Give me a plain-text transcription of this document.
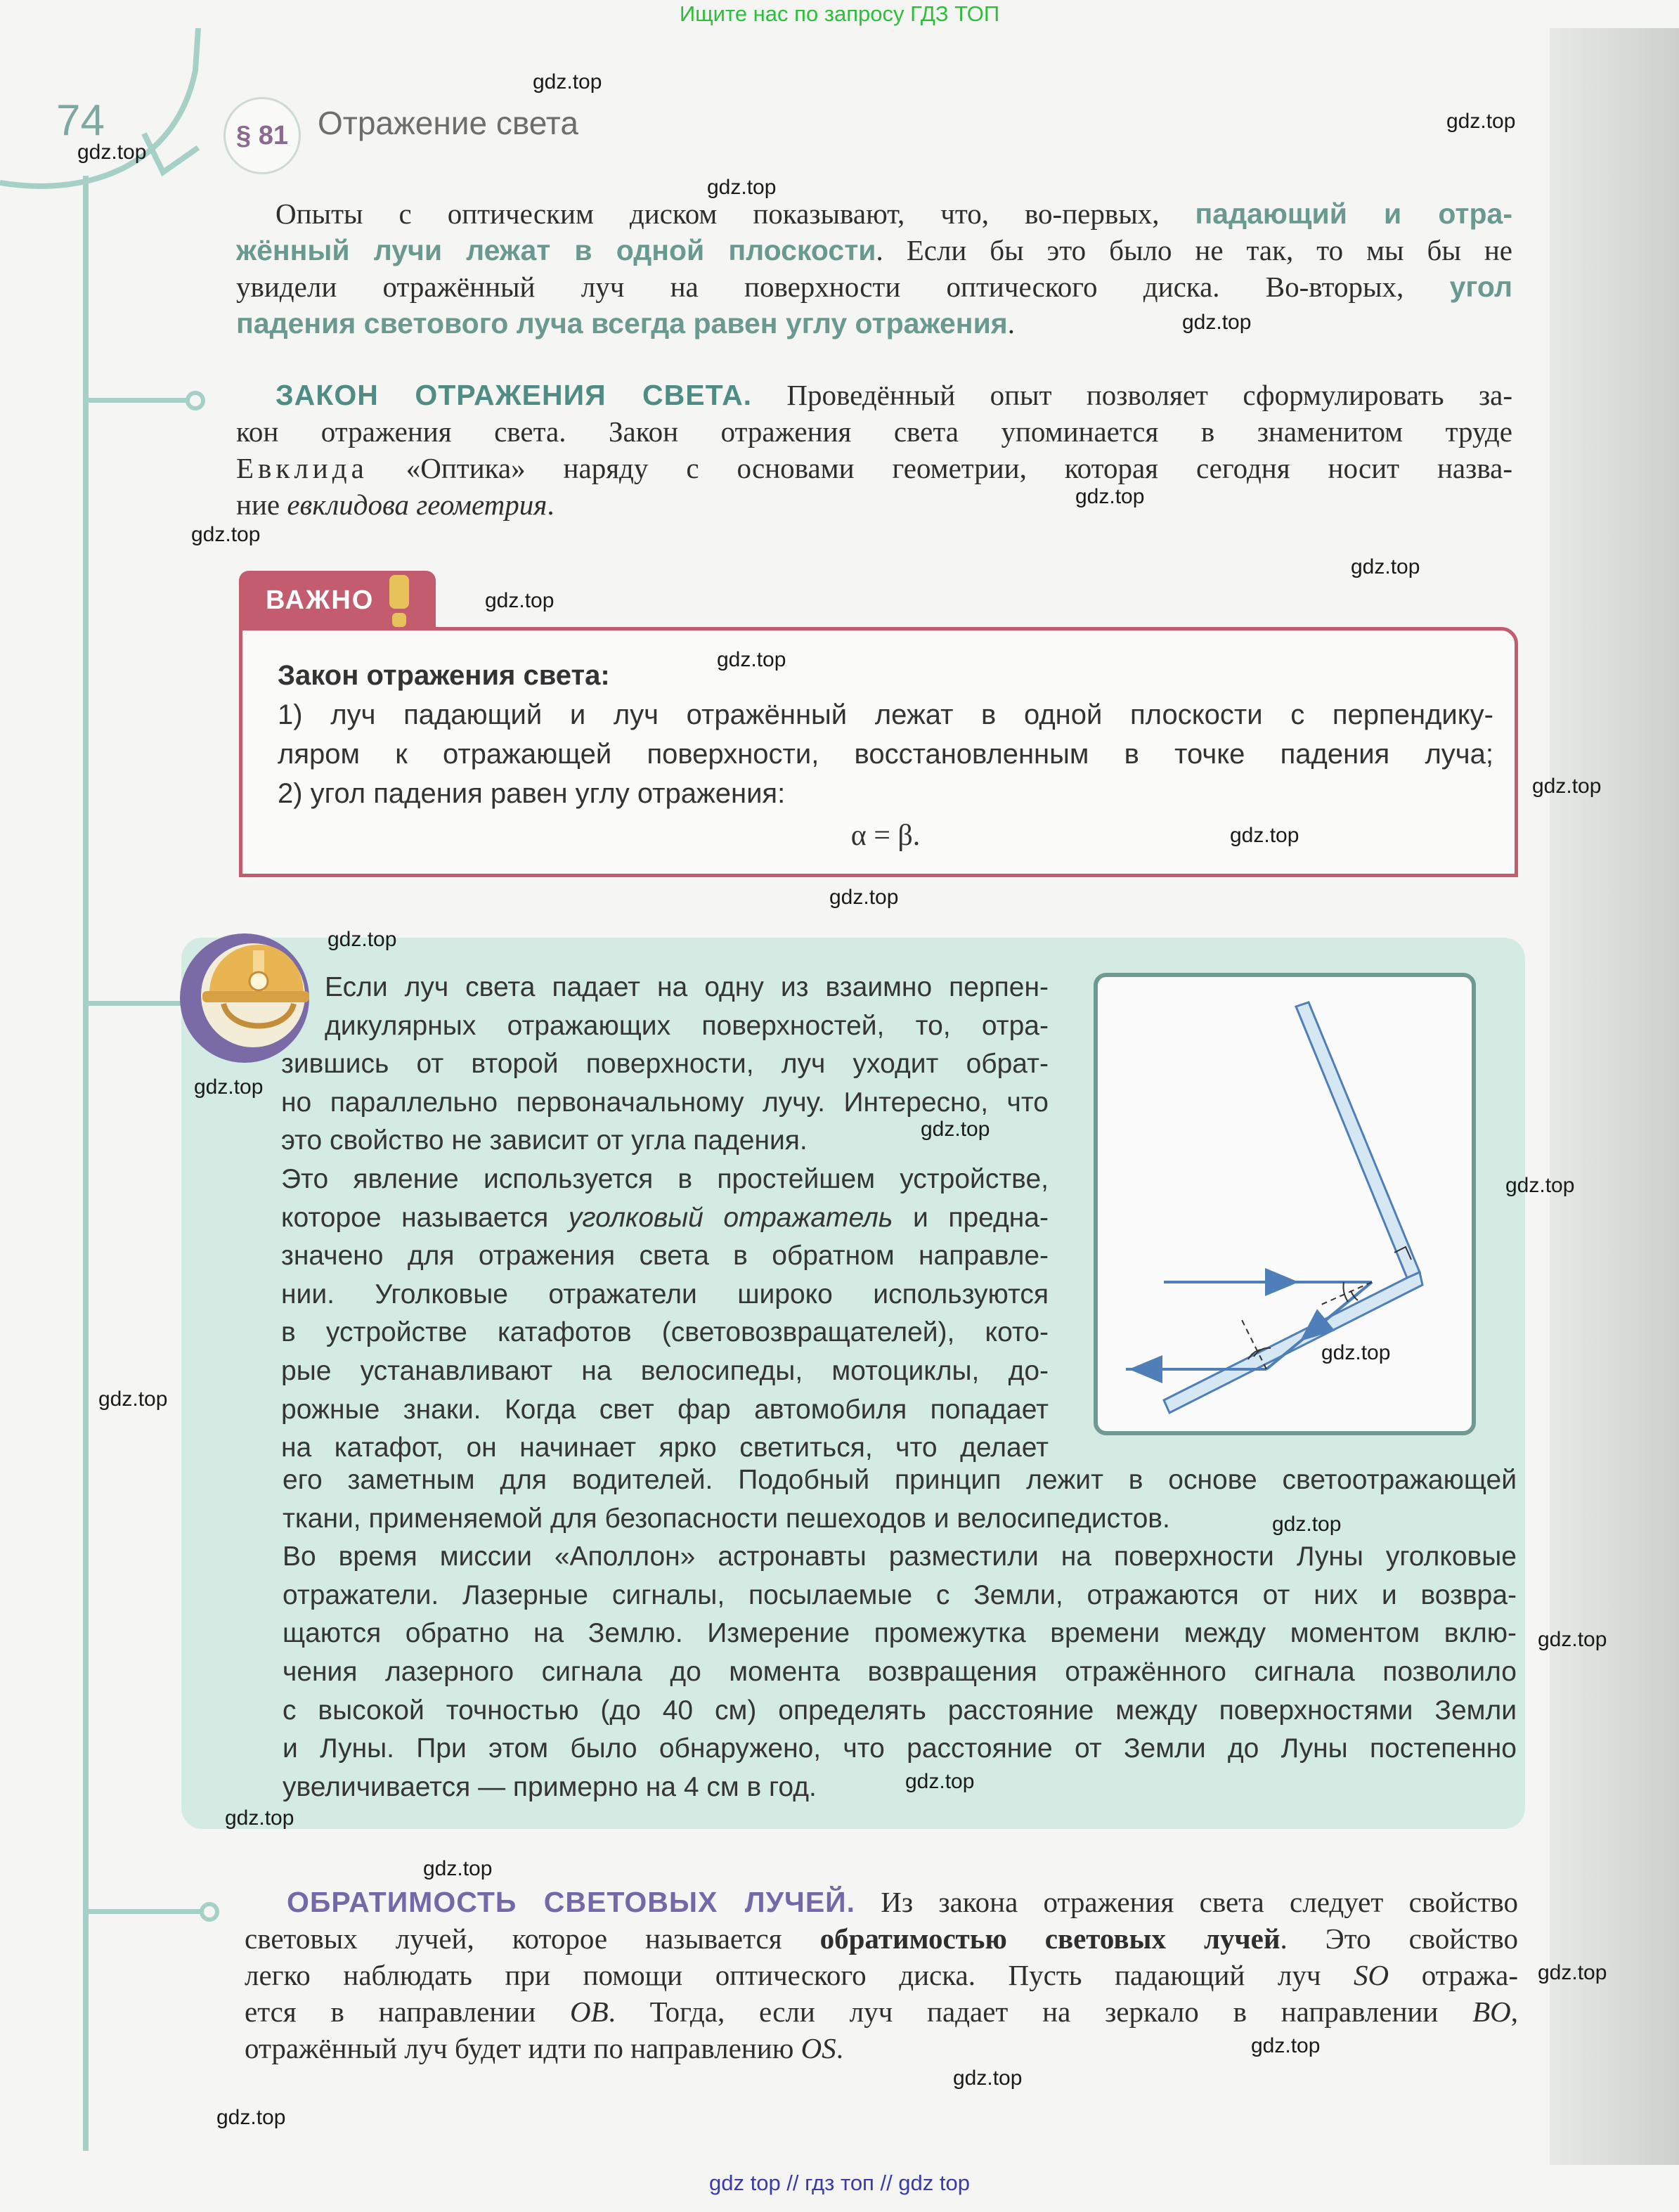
Ищите нас по запросу ГДЗ ТОП
74	§ 81 Отражение света
Опыты с оптическим диском показывают, что, во-первых, падающий и отра-
жённый лучи лежат в одной плоскости. Если бы это было не так, то мы бы не
увидели отражённый луч на поверхности оптического диска. Во-вторых, угол
падения светового луча всегда равен углу отражения.
ЗАКОН ОТРАЖЕНИЯ СВЕТА. Проведённый опыт позволяет сформулировать за-
кон отражения света. Закон отражения света упоминается в знаменитом труде
Евклида «Оптика» наряду с основами геометрии, которая сегодня носит назва-
ние евклидова геометрия.
ВАЖНО
Закон отражения света:
1) луч падающий и луч отражённый лежат в одной плоскости с перпендику-
ляром к отражающей поверхности, восстановленным в точке падения луча;
2) угол падения равен углу отражения:
α = β.
Если луч света падает на одну из взаимно перпен-
дикулярных отражающих поверхностей, то, отра-
зившись от второй поверхности, луч уходит обрат-
но параллельно первоначальному лучу. Интересно, что
это свойство не зависит от угла падения.
Это явление используется в простейшем устройстве,
которое называется уголковый отражатель и предна-
значено для отражения света в обратном направле-
нии. Уголковые отражатели широко используются
в устройстве катафотов (световозвращателей), кото-
рые устанавливают на велосипеды, мотоциклы, до-
рожные знаки. Когда свет фар автомобиля попадает
на катафот, он начинает ярко светиться, что делает
его заметным для водителей. Подобный принцип лежит в основе светоотражающей
ткани, применяемой для безопасности пешеходов и велосипедистов.
Во время миссии «Аполлон» астронавты разместили на поверхности Луны уголковые
отражатели. Лазерные сигналы, посылаемые с Земли, отражаются от них и возвра-
щаются обратно на Землю. Измерение промежутка времени между моментом вклю-
чения лазерного сигнала до момента возвращения отражённого сигнала позволило
с высокой точностью (до 40 см) определять расстояние между поверхностями Земли
и Луны. При этом было обнаружено, что расстояние от Земли до Луны постепенно
увеличивается — примерно на 4 см в год.
ОБРАТИМОСТЬ СВЕТОВЫХ ЛУЧЕЙ. Из закона отражения света следует свойство
световых лучей, которое называется обратимостью световых лучей. Это свойство
легко наблюдать при помощи оптического диска. Пусть падающий луч SO отража-
ется в направлении OB. Тогда, если луч падает на зеркало в направлении BO,
отражённый луч будет идти по направлению OS.
gdz.top
gdz.top
gdz.top
gdz.top
gdz.top
gdz.top
gdz.top
gdz.top
gdz.top
gdz.top
gdz.top
gdz.top
gdz.top
gdz.top
gdz.top
gdz.top
gdz.top
gdz.top
gdz.top
gdz.top
gdz.top
gdz.top
gdz.top
gdz.top
gdz.top
gdz.top
gdz.top
gdz.top
gdz top // гдз топ // gdz top
